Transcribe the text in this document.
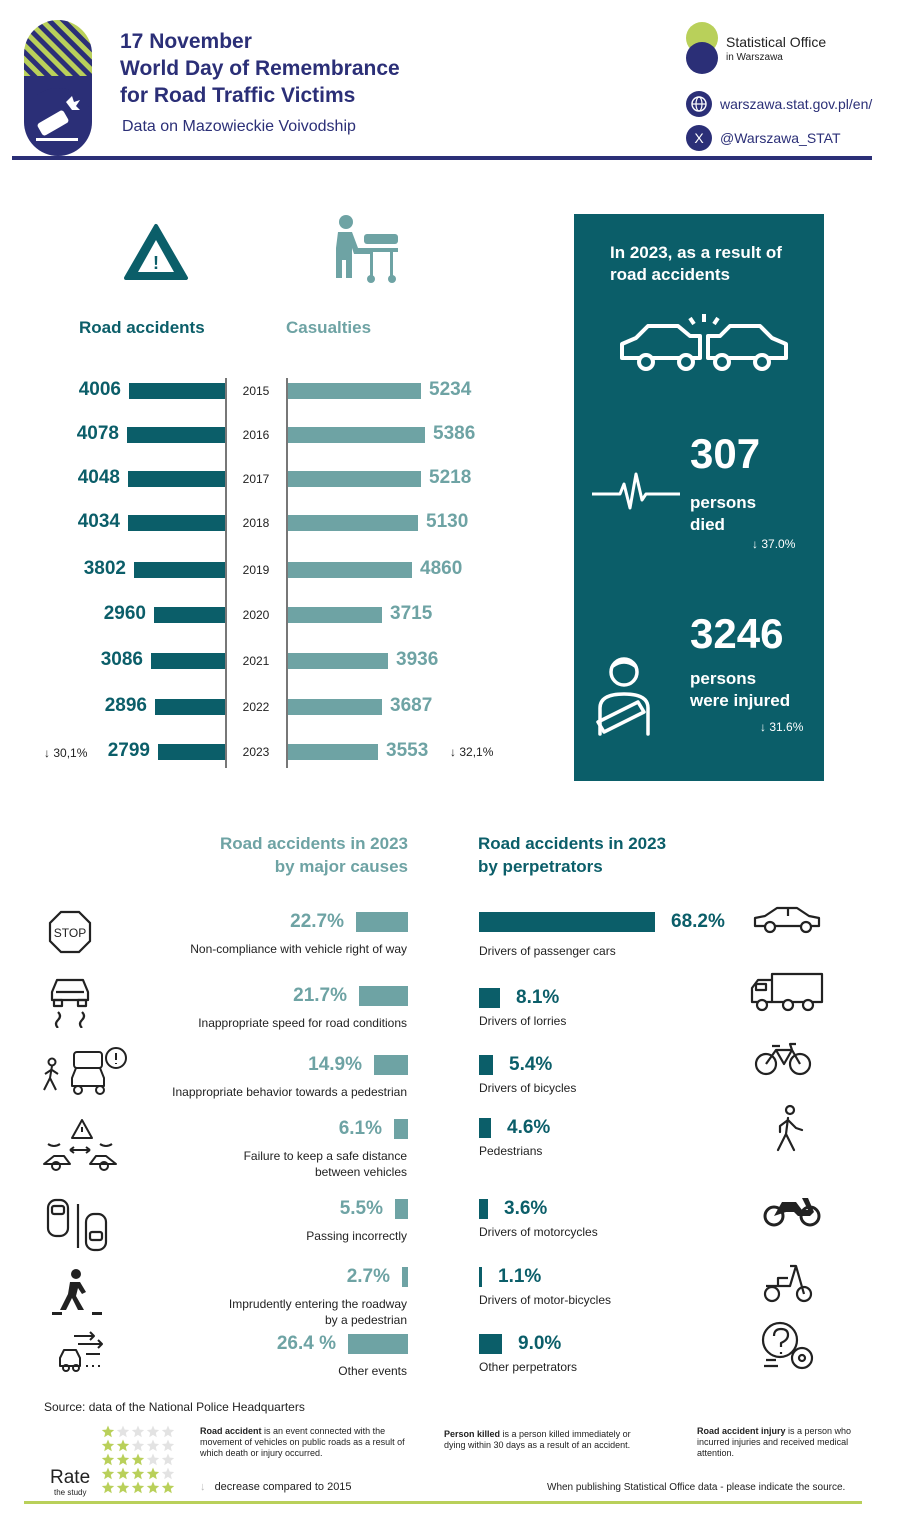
17 November
World Day of Remembrance
for Road Traffic Victims
Data on Mazowieckie Voivodship
Statistical Office
in Warszawa
warszawa.stat.gov.pl/en/
X	@Warszawa_STAT
!
Road accidents	Casualties
4006	2015	5234
4078	2016	5386
4048	2017	5218
4034	2018	5130
3802	2019	4860
2960	2020	3715
3086	2021	3936
2896	2022	3687
2799	2023	3553
↓ 30,1%	↓ 32,1%
In 2023, as a result of road accidents
307
persons
died
↓ 37.0%
3246
persons
were injured
↓ 31.6%
Road accidents in 2023
by major causes
Road accidents in 2023
by perpetrators
22.7%
Non-compliance with vehicle right of way
21.7%
Inappropriate speed for road conditions
14.9%
Inappropriate behavior towards a pedestrian
6.1%
Failure to keep a safe distance
between vehicles
5.5%
Passing incorrectly
2.7%
Imprudently entering the roadway
by a pedestrian
26.4 %
Other events
68.2%
Drivers of passenger cars
8.1%
Drivers of lorries
5.4%
Drivers of bicycles
4.6%
Pedestrians
3.6%
Drivers of motorcycles
1.1%
Drivers of motor-bicycles
9.0%
Other perpetrators
STOP
Source: data of the National Police Headquarters
Rate
the study
Road accident is an event connected with the movement of vehicles on public roads as a result of which death or injury occurred.
Person killed is a person killed immediately or dying within 30 days as a result of an accident.
Road accident injury is a person who incurred injuries and received medical attention.
↓ decrease compared to 2015	When publishing Statistical Office data - please indicate the source.
